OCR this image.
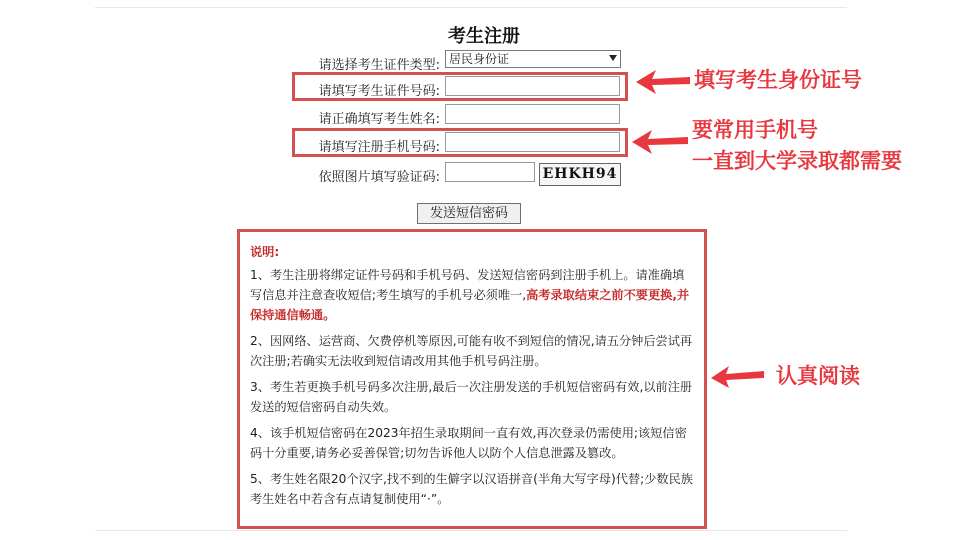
考生注册
请选择考生证件类型: 居民身份证
请填写考生证件号码:
请正确填写考生姓名:
请填写注册手机号码:
依照图片填写验证码:	EHKH94
发送短信密码
说明:

1、考生注册将绑定证件号码和手机号码、发送短信密码到注册手机上。请准确填写信息并注意查收短信;考生填写的手机号必须唯一,高考录取结束之前不要更换,并保持通信畅通。

2、因网络、运营商、欠费停机等原因,可能有收不到短信的情况,请五分钟后尝试再次注册;若确实无法收到短信请改用其他手机号码注册。

3、考生若更换手机号码多次注册,最后一次注册发送的手机短信密码有效,以前注册发送的短信密码自动失效。

4、该手机短信密码在2023年招生录取期间一直有效,再次登录仍需使用;该短信密码十分重要,请务必妥善保管;切勿告诉他人以防个人信息泄露及篡改。

5、考生姓名限20个汉字,找不到的生僻字以汉语拼音(半角大写字母)代替;少数民族考生姓名中若含有点请复制使用“·”。

填写考生身份证号
要常用手机号
一直到大学录取都需要
认真阅读
